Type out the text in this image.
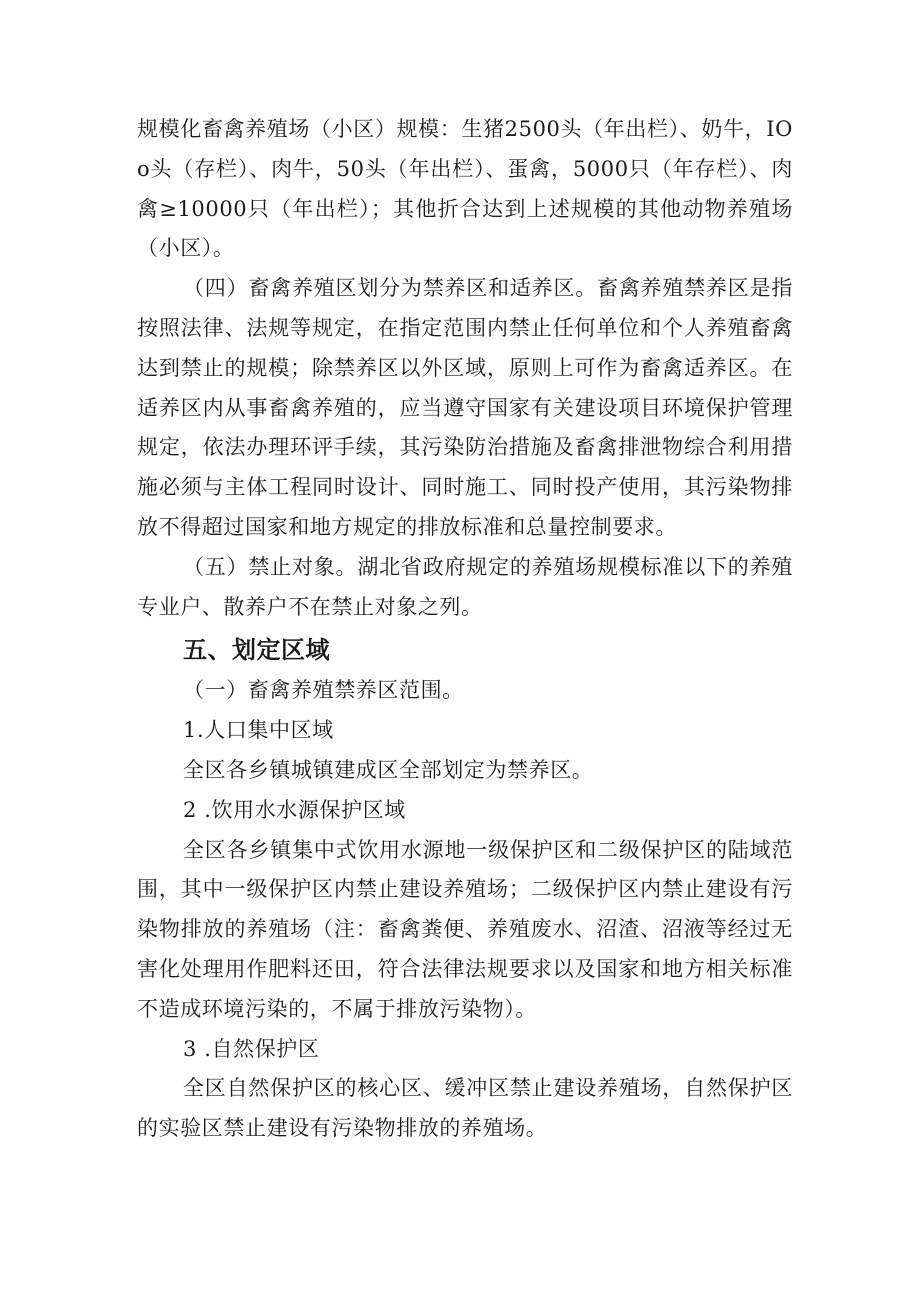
规模化畜禽养殖场（小区）规模：生猪2500头（年出栏）、奶牛，IOo头（存栏）、肉牛，50头（年出栏）、蛋禽，5000只（年存栏）、肉禽≥10000只（年出栏）；其他折合达到上述规模的其他动物养殖场（小区）。

（四）畜禽养殖区划分为禁养区和适养区。畜禽养殖禁养区是指按照法律、法规等规定，在指定范围内禁止任何单位和个人养殖畜禽达到禁止的规模；除禁养区以外区域，原则上可作为畜禽适养区。在适养区内从事畜禽养殖的，应当遵守国家有关建设项目环境保护管理规定，依法办理环评手续，其污染防治措施及畜禽排泄物综合利用措施必须与主体工程同时设计、同时施工、同时投产使用，其污染物排放不得超过国家和地方规定的排放标准和总量控制要求。

（五）禁止对象。湖北省政府规定的养殖场规模标准以下的养殖专业户、散养户不在禁止对象之列。

五、划定区域

（一）畜禽养殖禁养区范围。

1.人口集中区域

全区各乡镇城镇建成区全部划定为禁养区。

2 .饮用水水源保护区域

全区各乡镇集中式饮用水源地一级保护区和二级保护区的陆域范围，其中一级保护区内禁止建设养殖场；二级保护区内禁止建设有污染物排放的养殖场（注：畜禽粪便、养殖废水、沼渣、沼液等经过无害化处理用作肥料还田，符合法律法规要求以及国家和地方相关标准不造成环境污染的，不属于排放污染物）。

3 .自然保护区

全区自然保护区的核心区、缓冲区禁止建设养殖场，自然保护区的实验区禁止建设有污染物排放的养殖场。
